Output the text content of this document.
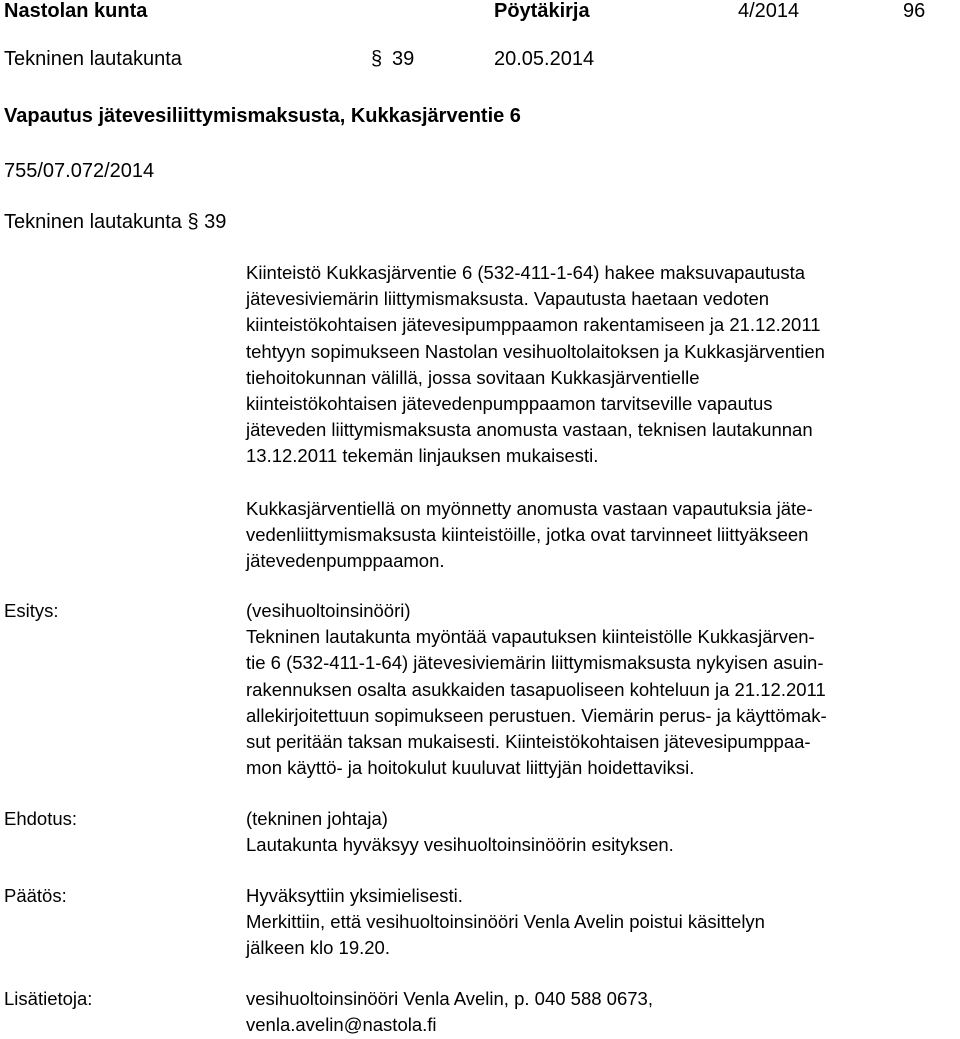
Nastolan kunta	Pöytäkirja	4/2014	96
Tekninen lautakunta	§ 39	20.05.2014
Vapautus jätevesiliittymismaksusta, Kukkasjärventie 6
755/07.072/2014
Tekninen lautakunta § 39
Kiinteistö Kukkasjärventie 6 (532-411-1-64) hakee maksuvapautusta
jätevesiviemärin liittymismaksusta. Vapautusta haetaan vedoten
kiinteistökohtaisen jätevesipumppaamon rakentamiseen ja 21.12.2011
tehtyyn sopimukseen Nastolan vesihuoltolaitoksen ja Kukkasjärventien
tiehoitokunnan välillä, jossa sovitaan Kukkasjärventielle
kiinteistökohtaisen jätevedenpumppaamon tarvitseville vapautus
jäteveden liittymismaksusta anomusta vastaan, teknisen lautakunnan
13.12.2011 tekemän linjauksen mukaisesti.
Kukkasjärventiellä on myönnetty anomusta vastaan vapautuksia jäte-
vedenliittymismaksusta kiinteistöille, jotka ovat tarvinneet liittyäkseen
jätevedenpumppaamon.
Esitys:	(vesihuoltoinsinööri)
Tekninen lautakunta myöntää vapautuksen kiinteistölle Kukkasjärven-
tie 6 (532-411-1-64) jätevesiviemärin liittymismaksusta nykyisen asuin-
rakennuksen osalta asukkaiden tasapuoliseen kohteluun ja 21.12.2011
allekirjoitettuun sopimukseen perustuen. Viemärin perus- ja käyttömak-
sut peritään taksan mukaisesti. Kiinteistökohtaisen jätevesipumppaa-
mon käyttö- ja hoitokulut kuuluvat liittyjän hoidettaviksi.
Ehdotus:	(tekninen johtaja)
Lautakunta hyväksyy vesihuoltoinsinöörin esityksen.
Päätös:	Hyväksyttiin yksimielisesti.
Merkittiin, että vesihuoltoinsinööri Venla Avelin poistui käsittelyn
jälkeen klo 19.20.
Lisätietoja:	vesihuoltoinsinööri Venla Avelin, p. 040 588 0673,
venla.avelin@nastola.fi
